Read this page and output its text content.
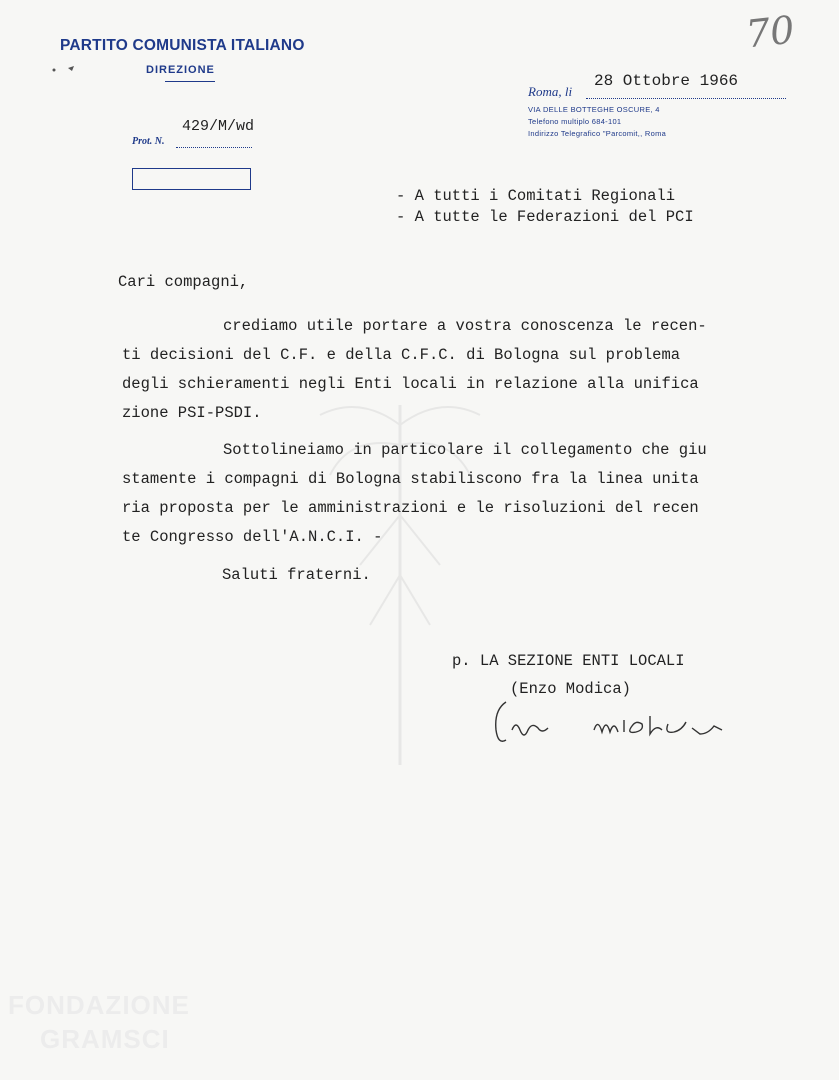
FONDAZIONE
GRAMSCI
PARTITO COMUNISTA ITALIANO
DIREZIONE
70
Roma, li
28 Ottobre 1966
VIA DELLE BOTTEGHE OSCURE, 4
Telefono multiplo 684-101
Indirizzo Telegrafico "Parcomit,, Roma
Prot. N.
429/M/wd
- A tutti i Comitati Regionali
- A tutte le Federazioni del PCI
Cari compagni,
crediamo utile portare a vostra conoscenza le recen-
ti decisioni del C.F. e della C.F.C. di Bologna sul problema
degli schieramenti negli Enti locali in relazione alla unifica
zione PSI-PSDI.
Sottolineiamo in particolare il collegamento che giu
stamente i compagni di Bologna stabiliscono fra la linea unita
ria proposta per le amministrazioni e le risoluzioni del recen
te Congresso dell'A.N.C.I. -
Saluti fraterni.
p. LA SEZIONE ENTI LOCALI
(Enzo Modica)
